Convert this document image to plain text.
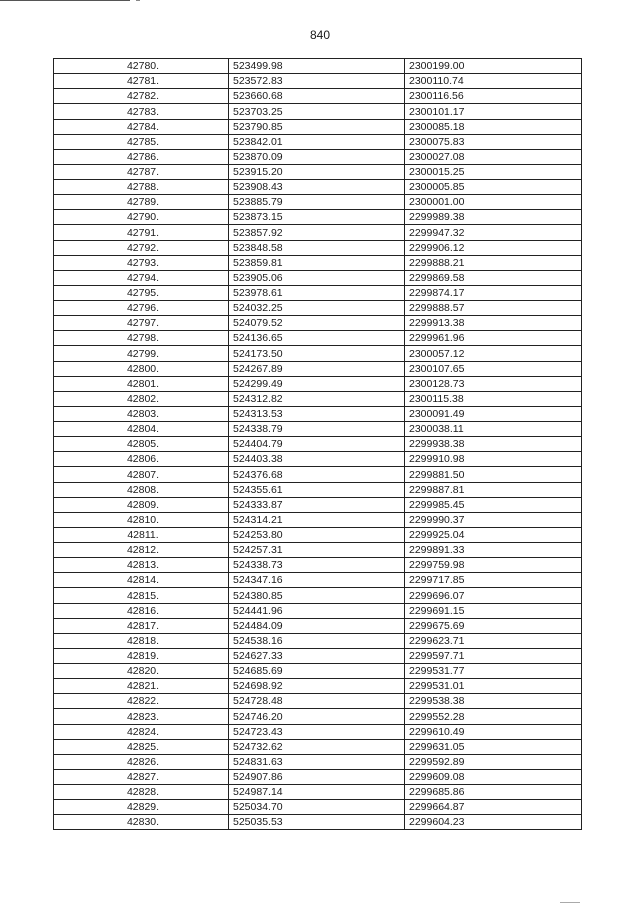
840
42780.	523499.98	2300199.00
42781.	523572.83	2300110.74
42782.	523660.68	2300116.56
42783.	523703.25	2300101.17
42784.	523790.85	2300085.18
42785.	523842.01	2300075.83
42786.	523870.09	2300027.08
42787.	523915.20	2300015.25
42788.	523908.43	2300005.85
42789.	523885.79	2300001.00
42790.	523873.15	2299989.38
42791.	523857.92	2299947.32
42792.	523848.58	2299906.12
42793.	523859.81	2299888.21
42794.	523905.06	2299869.58
42795.	523978.61	2299874.17
42796.	524032.25	2299888.57
42797.	524079.52	2299913.38
42798.	524136.65	2299961.96
42799.	524173.50	2300057.12
42800.	524267.89	2300107.65
42801.	524299.49	2300128.73
42802.	524312.82	2300115.38
42803.	524313.53	2300091.49
42804.	524338.79	2300038.11
42805.	524404.79	2299938.38
42806.	524403.38	2299910.98
42807.	524376.68	2299881.50
42808.	524355.61	2299887.81
42809.	524333.87	2299985.45
42810.	524314.21	2299990.37
42811.	524253.80	2299925.04
42812.	524257.31	2299891.33
42813.	524338.73	2299759.98
42814.	524347.16	2299717.85
42815.	524380.85	2299696.07
42816.	524441.96	2299691.15
42817.	524484.09	2299675.69
42818.	524538.16	2299623.71
42819.	524627.33	2299597.71
42820.	524685.69	2299531.77
42821.	524698.92	2299531.01
42822.	524728.48	2299538.38
42823.	524746.20	2299552.28
42824.	524723.43	2299610.49
42825.	524732.62	2299631.05
42826.	524831.63	2299592.89
42827.	524907.86	2299609.08
42828.	524987.14	2299685.86
42829.	525034.70	2299664.87
42830.	525035.53	2299604.23
